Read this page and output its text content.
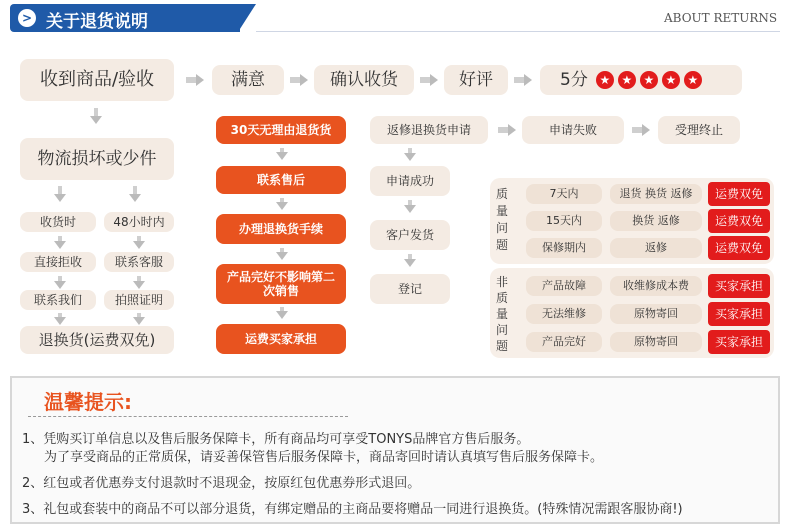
> 关于退货说明	ABOUT RETURNS
收到商品/验收	满意	确认收货	好评	5分 ★ ★ ★ ★ ★
物流损坏或少件
收货时	48小时内
直接拒收	联系客服
联系我们	拍照证明
退换货(运费双免)
30天无理由退货货
联系售后
办理退换货手续
产品完好不影响第二次销售
运费买家承担
返修退换货申请	申请失败	受理终止
申请成功
客户发货
登记
质量问题
7天内	退货 换货 返修	运费双免
15天内	换货 返修	运费双免
保修期内	返修	运费双免
非质量问题
产品故障	收维修成本费	买家承担
无法维修	原物寄回	买家承担
产品完好	原物寄回	买家承担
温馨提示:
1、凭购买订单信息以及售后服务保障卡，所有商品均可享受TONYS品牌官方售后服务。
为了享受商品的正常质保，请妥善保管售后服务保障卡，商品寄回时请认真填写售后服务保障卡。
2、红包或者优惠券支付退款时不退现金，按原红包优惠券形式退回。
3、礼包或套装中的商品不可以部分退货，有绑定赠品的主商品要将赠品一同进行退换货。(特殊情况需跟客服协商!)
